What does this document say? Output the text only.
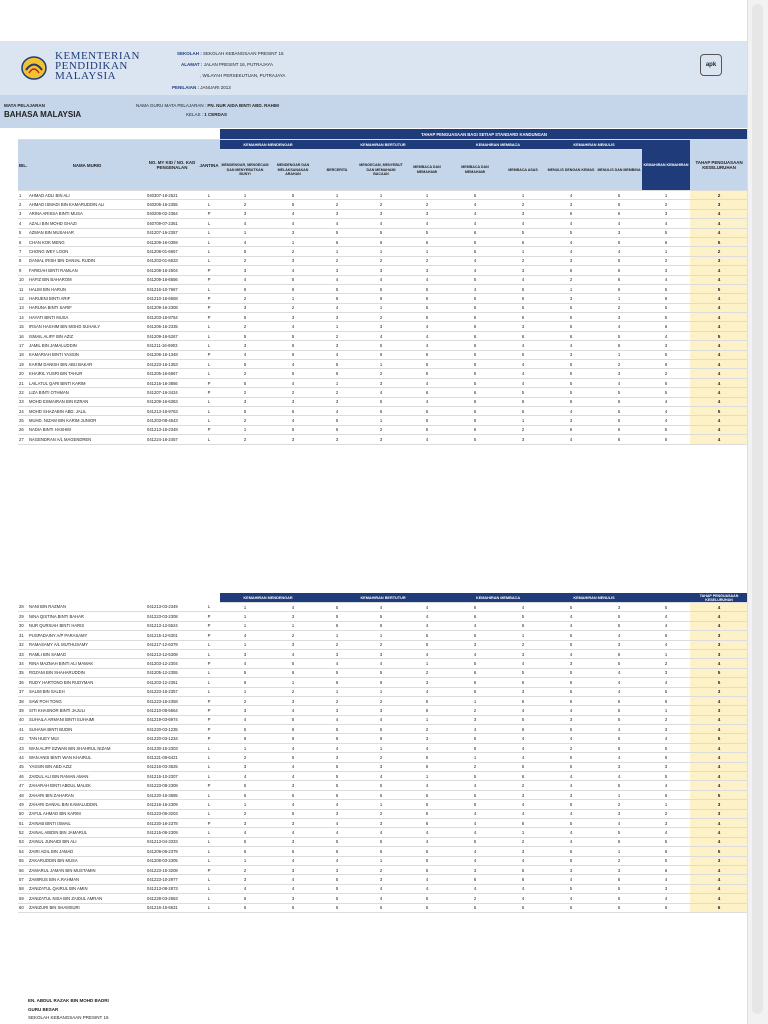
KEMENTERIAN
PENDIDIKAN
MALAYSIA
SEKOLAH : SEKOLAH KEBANGSAAN PRESINT 16
ALAMAT : JALAN PRESINT 16, PUTRAJAYA
, WILAYAH PERSEKUTUAN, PUTRAJAYA
PENILAIAN : JANUARI 2013
apk
MATA PELAJARAN
BAHASA MALAYSIA
NAMA GURU MATA PELAJARAN : PN. NUR AIDA BINTI ABD. RAHIM
KELAS : 1 CERDAS
				TAHAP PENGUASAAN BAGI SETIAP STANDARD KANDUNGAN										
BIL.	NAMA MURID	NO. MY KID / NO. KAD PENGENALAN	JANTINA	KEMAHIRAN MENDENGAR		KEMAHIRAN BERTUTUR			KEMAHIRAN MEMBACA		KEMAHIRAN MENULIS		KEMAHIRAN KEMAHIRAN	TAHAP PENGUASAAN KESELURUHAN
				MENDENGAR, MENGECAM DAN MENYEBUTKAN BUNYI	MENDENGAR DAN MELAKSANAKAN ARAHAN	BERCERITA	MENGECAM, MENYEBUT DAN MEMAHAMI BACAAN	MEMBACA DAN MEMAHAMI	MEMBACA DAN MEMAHAMI	MEMBACA ASAS	MENULIS DENGAN KEMAS	MENULIS DAN MEMBINA		
1	AHMAD ADLI BIN ALI	040307-16-2521	L	1	5	1	1	1	5	1	4	5	1	2
2	AHMAD ISMADI BIN KAMARUDDIN ALI	040206-16-2355	L	2	5	2	2	2	4	2	3	5	2	3
3	ARINA ARISSA BINTI MUSA	040209-02-2364	P	3	4	3	3	3	4	3	6	6	3	4
4	AZALI BIN MOHD GHAZI	040709-07-2361	L	4	4	4	4	4	4	4	4	4	4	4
5	AZMAN BIN MUSAHAR	041207-16-2357	L	1	3	5	5	5	6	5	5	3	5	4
6	CHAN KOK MENG	041209-16-0359	L	4	1	6	6	6	5	6	4	5	6	5
7	CHONG WEY LOON	041208-01-6657	L	5	2	1	1	1	5	1	4	4	1	2
8	DANIAL IRISH BIN DANIAL RUDIN	041203-01-6633	L	2	3	2	2	2	4	2	3	5	2	3
9	FARIDAH BINTI RAMLAN	041208-16-2504	P	3	4	3	3	3	4	3	6	6	3	4
10	HAFIZ BIN BAHAROM	041209-16-6656	P	4	5	4	4	4	5	4	2	6	4	4
11	HALIM BIN HARUN	041216-10-7667	L	6	6	5	5	5	4	5	1	6	5	5
12	HARUENI BINTI ARIF	041210-16-6658	P	2	1	6	6	6	5	6	3	1	6	4
13	HARUNA BINTI SARIF	041209-16-2308	P	3	2	4	1	5	6	5	5	2	5	4
14	HAYATI BINTI MUSA	041203-16-8754	P	5	3	3	2	5	6	6	5	3	5	4
15	IRSAN HASHIM BIN MOHD SUHAILY	041206-16-2335	L	2	4	1	3	4	6	3	5	4	6	4
16	ISMAIL ALIFF BIN AZIZ	041209-16-5267	L	5	5	2	4	4	6	6	6	5	4	5
17	JAMIL BIN JAMALUDDIN	041211-16-6903	L	3	6	3	5	4	6	4	4	6	3	4
18	KAMARIAH BINTI YASSIN	041206-16-1348	P	4	6	4	6	6	5	5	3	1	5	4
19	KARIM DANISH BIN ABU BAKAR	041223-16-1353	L	5	4	5	1	5	6	4	5	2	6	4
20	KHAIRIL YUSRI BIN TAHUR	041205-16-6667	L	2	5	6	2	5	5	4	5	3	2	4
21	LAILATUL QARI BINTI KARIM	041216-16-3856	P	5	4	1	3	4	5	4	5	4	6	4
22	LIZA BINTI OTHMAN	041207-16-3424	P	2	2	2	4	6	6	5	5	5	5	4
23	MOHD ESMAIRAN BIN EZRAN	041209-16-6363	L	3	3	3	5	4	6	6	6	6	4	4
24	MOHD SHAZABIN ABD. JALIL	041213-16-9763	L	5	6	4	6	6	6	6	4	5	4	5
25	MUHD. NIZAM BIN KARIM JUNIOR	041203-08-4543	L	2	4	5	1	5	6	1	3	5	4	4
26	NADIA BINTI HASHIM	041213-16-2348	P	1	5	6	2	5	6	2	6	6	5	4
27	NAGENDRAN A/L MAGENDREN	041224-16-2457	L	2	3	3	3	4	5	3	4	6	6	4
				KEMAHIRAN MENDENGAR		KEMAHIRAN BERTUTUR			KEMAHIRAN MEMBACA		KEMAHIRAN MENULIS			TAHAP PENGUASAAN KESELURUHAN
28	NANI BIN RAZMAN	041213-03-2349	L	1	4	5	4	4	6	4	5	3	5	4
29	NINA QISTINA BINTI BAHAR	041223-03-2308	P	1	3	5	5	4	6	5	4	5	4	4
30	NUR QURSIAH BINTI HARIS	041213-12-5524	P	1	1	6	6	4	4	6	4	5	4	4
31	PUSPADAINY A/P PARASAMY	041215-12-6301	P	4	2	1	1	5	6	1	6	4	6	3
32	RAMASAMY A/L MUTHUSAMY	041217-12-6379	L	1	3	2	2	5	3	2	5	3	4	3
33	RAMLI BIN SAMAD	041213-12-5308	L	3	4	3	3	4	4	3	4	6	1	3
34	RINA MAZNAH BINTI ALI MAMAK	041203-12-2304	P	4	5	4	4	1	5	4	3	5	2	4
35	ROZANI BIN SHAHARUDDIN	041205-12-2355	L	5	6	5	5	2	6	5	5	4	3	5
36	RUDY HARTONO BIN RUDYMAN	041203-12-2351	L	6	1	6	6	3	6	6	6	4	4	5
37	SALIM BIN SALEH	041223-16-2357	L	1	2	1	1	4	6	3	5	4	5	3
38	SAW POH TONG	041223-16-2358	P	2	3	2	2	5	1	6	6	6	6	4
39	SITI KHASNOR BINTI JAJULI	041210-08-5564	P	3	4	3	3	6	2	4	4	5	1	3
40	SUHAILA ARMANI BINTI SUHAIMI	041219-03-6974	P	4	5	4	4	1	3	5	3	5	2	4
41	SUHANA BINTI BUDIN	041220-03-1235	P	5	6	5	5	2	4	6	5	4	3	4
42	TAN HUEY MUI	041220-03-1234	P	6	6	6	6	3	5	4	4	5	4	5
43	WAN ALIFF EZWAN BIN SHAHRUL NIZAM	041230-15-2303	L	1	4	4	1	4	6	4	2	5	5	4
44	WAN ANIS BINTI WAN KHAIRUL	041221-08-6421	L	2	5	3	2	5	1	4	5	4	6	4
45	YASSIN BIN ABD AZIZ	041216-03-3625	L	3	4	5	3	6	2	5	5	3	3	4
46	ZAIDUL ALI BIN RAMAN AMAN	041215-10-2307	L	4	4	5	4	1	5	6	4	4	5	4
47	ZAHARAH BINTI ABDUL MALEK	041223-08-2308	P	5	3	5	5	4	4	2	4	5	4	4
48	ZAHARI BIN ZAHARAN	041220-16-3695	L	6	6	6	6	6	5	3	3	1	6	5
49	ZAHARI DANIAL BIN KAMALUDDIN	041216-16-2309	L	1	4	4	1	5	6	4	6	2	1	3
50	ZAFUL AHMAD BIN KARIM	041223-06-3203	L	2	5	3	2	5	4	4	4	3	2	3
51	ZAINAB BINTI ISMAIL	041220-16-2378	P	3	3	4	3	6	4	6	5	4	3	4
52	ZAINAL ABIDIN BIN JAMARUL	041215-08-2309	L	4	4	4	4	4	4	1	4	5	4	4
53	ZAINUL JUNAIDI BIN ALI	041213-04-3333	L	5	3	5	5	4	5	2	4	6	5	4
54	ZAIRI ADIL BIN JAMAD	041209-08-2379	L	6	6	6	6	6	4	3	6	1	6	5
55	ZAKARUDDIN BIN MUSA	041208-03-2305	L	1	4	4	1	5	4	4	5	2	5	3
56	ZAMARUL JAMAN BIN MUSTAMIN	041223-15-3208	P	2	3	3	2	5	3	5	3	3	6	4
57	ZAMIRUS BIN A.RAHMAN	041223-10-2977	L	3	4	5	3	4	6	6	4	6	4	4
58	ZANIZATUL QAIRUL BIN AMIN	041213-08-2873	L	4	4	5	4	4	4	4	5	5	3	4
59	ZANIZATUL NISA BIN ZAIDUL AMRAN	041228-03-2663	L	5	3	5	4	5	2	4	4	5	4	4
60	ZANIZURI BIN SHAMSURI	041216-15-6631	L	6	6	6	6	6	5	6	6	6	6	6
EN. ABDUL RAZAK BIN MOHD BADRI
GURU BESAR
SEKOLAH KEBANGSAAN PRESINT 16
